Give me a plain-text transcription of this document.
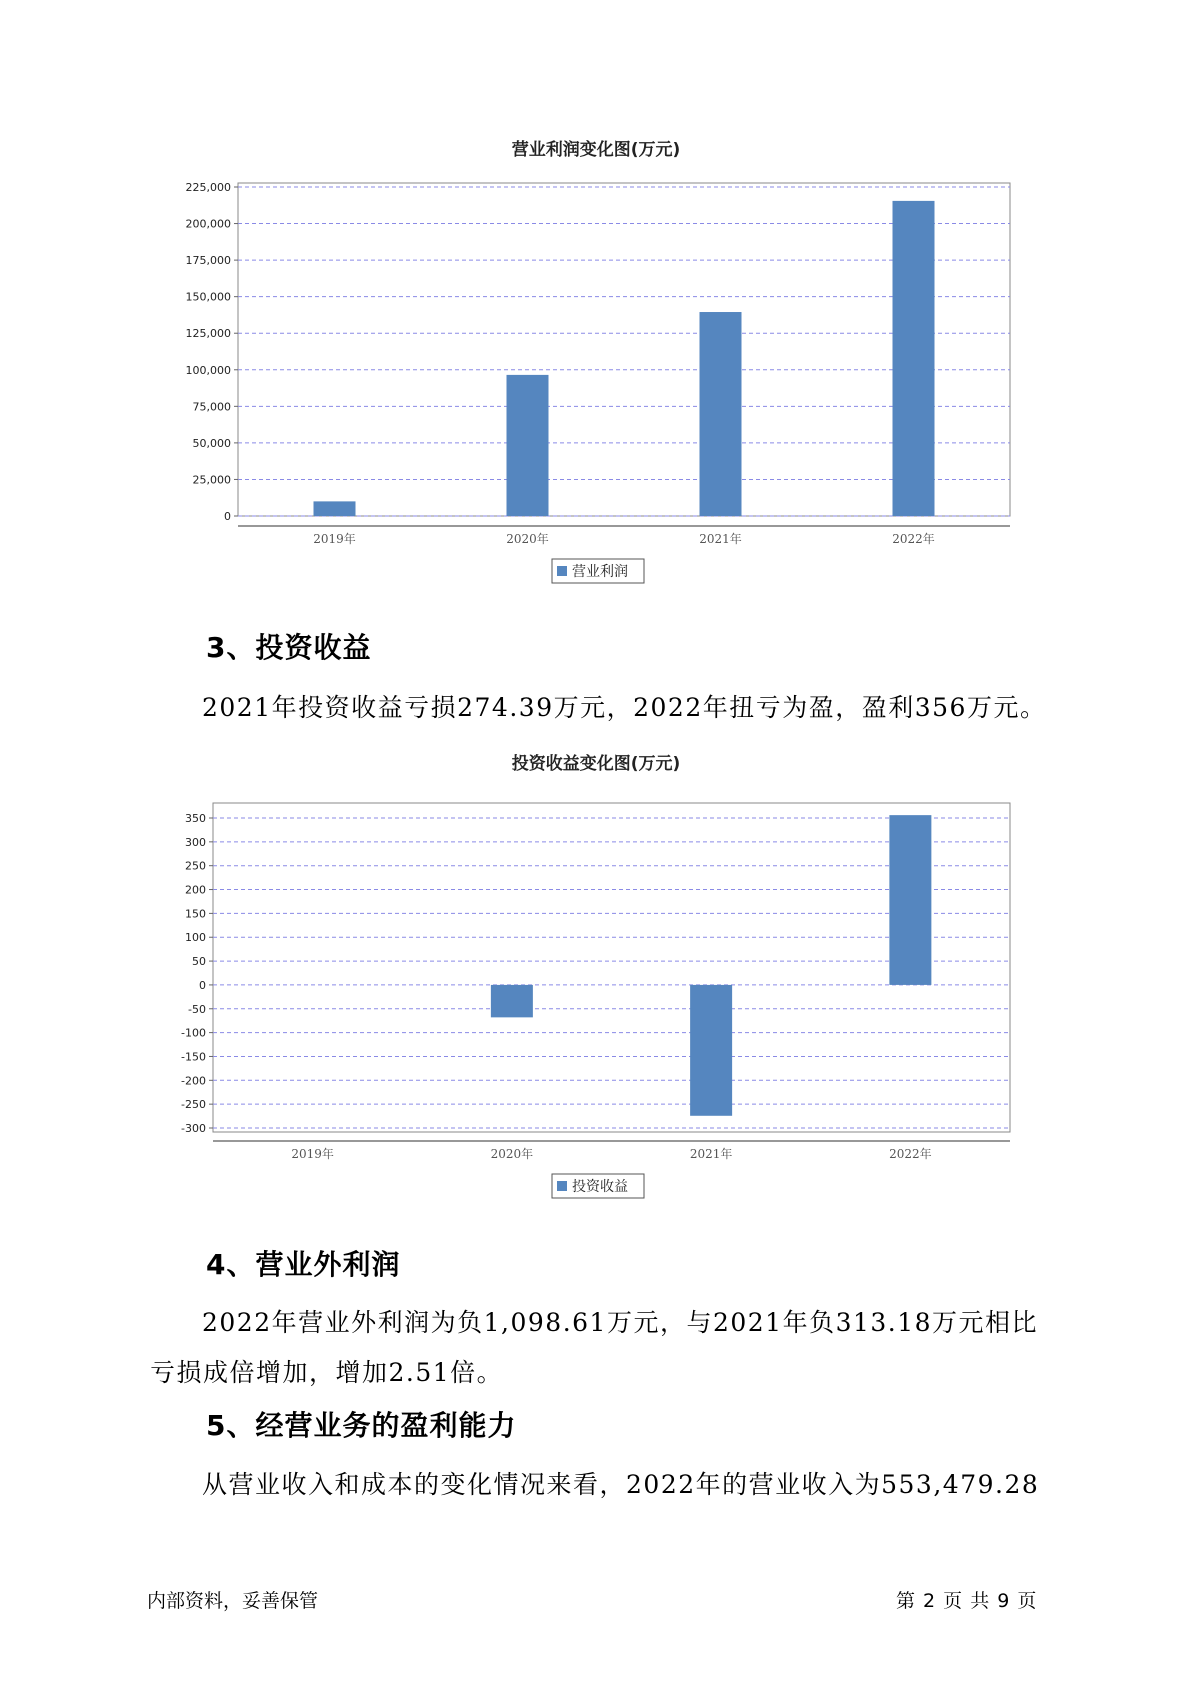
营业利润变化图(万元)
0
25,000
50,000
75,000
100,000
125,000
150,000
175,000
200,000
225,000
2019年	2020年	2021年	2022年
营业利润
3、投资收益
2021年投资收益亏损274.39万元，2022年扭亏为盈，盈利356万元。
投资收益变化图(万元)
-300
-250
-200
-150
-100
-50
0
50
100
150
200
250
300
350
2019年	2020年	2021年	2022年
投资收益
4、营业外利润
2022年营业外利润为负1,098.61万元，与2021年负313.18万元相比亏损成倍增加，增加2.51倍。
5、经营业务的盈利能力
从营业收入和成本的变化情况来看，2022年的营业收入为553,479.28
内部资料，妥善保管	第 2 页 共 9 页
